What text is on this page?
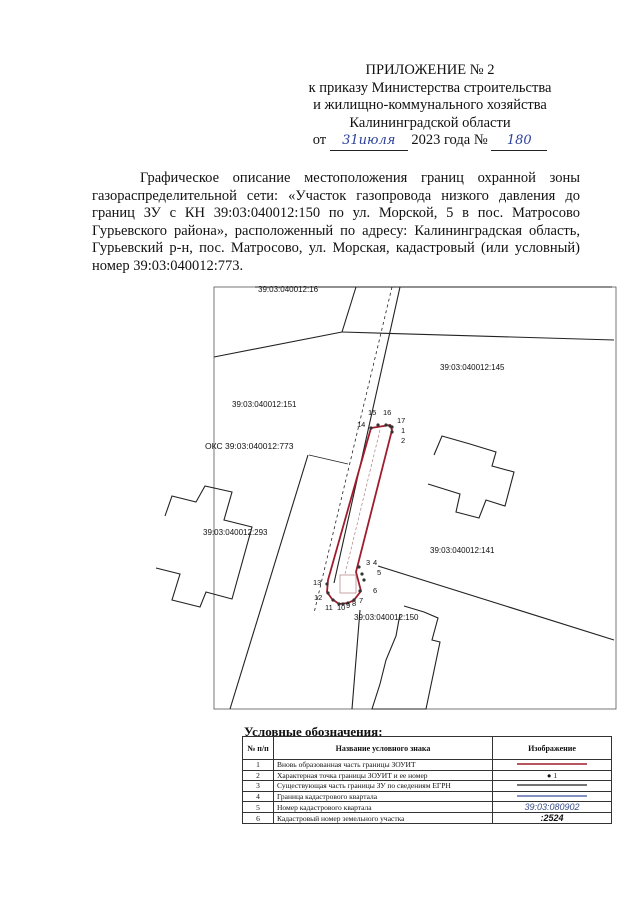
ПРИЛОЖЕНИЕ № 2
к приказу Министерства строительства
и жилищно-коммунального хозяйства
Калининградской области
от 31июля 2023 года № 180
Графическое описание местоположения границ охранной зоны газораспределительной сети: «Участок газопровода низкого давления до границ ЗУ с КН 39:03:040012:150 по ул. Морской, 5 в пос. Матросово Гурьевского района», расположенный по адресу: Калининградская область, Гурьевский р-н, пос. Матросово, ул. Морская, кадастровый (или условный) номер 39:03:040012:773.
1
2
3 4
5
6
7
8
9
10
11
12
13
14
15 16
17
39:03:040012:16
39:03:040012:145
39:03:040012:151
ОКС 39:03:040012:773
39:03:040012:293
39:03:040012:141
39:03:040012:150
Условные обозначения:
№ п/п	Название условного знака	Изображение
1	Вновь образованная часть границы ЗОУИТ	
2	Характерная точка границы ЗОУИТ и ее номер	● 1
3	Существующая часть границы ЗУ по сведениям ЕГРН	
4	Граница кадастрового квартала	
5	Номер кадастрового квартала	39:03:080902
6	Кадастровый номер земельного участка	:2524
